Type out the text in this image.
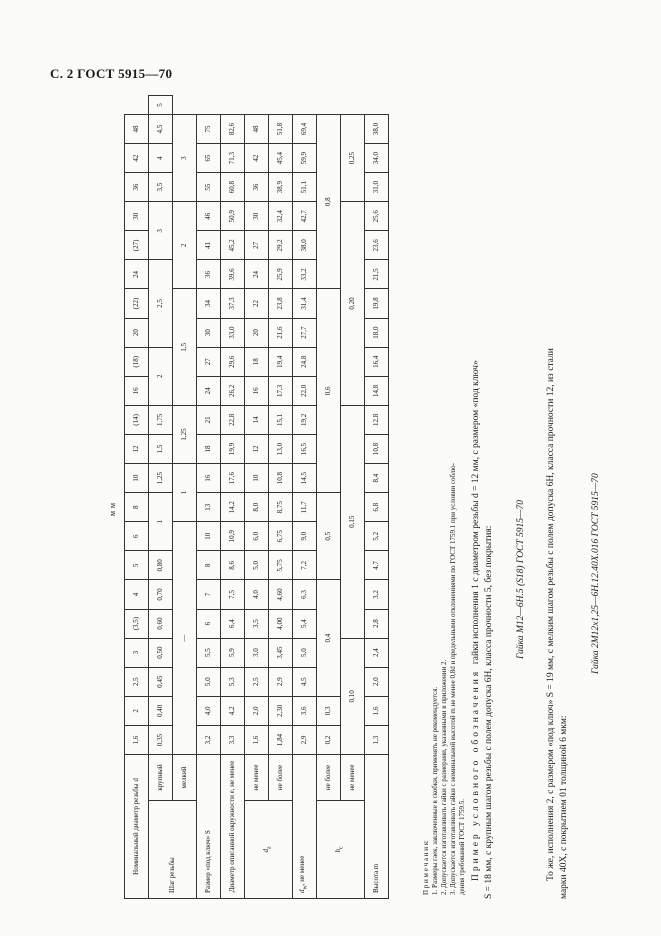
С. 2 ГОСТ 5915—70
мм
Номинальный диаметр резьбы d		1,6	2	2,5	3	(3,5)	4	5	6	8	10	12	(14)	16	(18)	20	(22)	24	(27)	30	36	42	48	
Шаг резьбы	крупный	0,35	0,40	0,45	0,50	0,60	0,70	0,80	1		1,25	1,5	1,75	2		2,5			3		3,5	4	4,5	5
	мелкий	—								1		1,25		1,5				2			3			
Размер «под ключ» S		3,2	4,0	5,0	5,5	6	7	8	10	13	16	18	21	24	27	30	34	36	41	46	55	65	75	
Диаметр описанной окружности е, не менее		3,3	4,2	5,3	5,9	6,4	7,5	8,6	10,9	14,2	17,6	19,9	22,8	26,2	29,6	33,0	37,3	39,6	45,2	50,9	60,8	71,3	82,6	
$d_а$	не менее	1,6	2,0	2,5	3,0	3,5	4,0	5,0	6,0	8,0	10	12	14	16	18	20	22	24	27	30	36	42	48	
	не более	1,84	2,30	2,9	3,45	4,00	4,60	5,75	6,75	8,75	10,8	13,0	15,1	17,3	19,4	21,6	23,8	25,9	29,2	32,4	38,9	45,4	51,8	
$d_w$, не менее		2,9	3,6	4,5	5,0	5,4	6,3	7,2	9,0	11,7	14,5	16,5	19,2	22,0	24,8	27,7	31,4	33,2	38,0	42,7	51,1	59,9	69,4	
$h_с$	не более	0,2	0,3	0,4				0,5			0,6							0,8						
	не менее	0,10				0,15								0,20							0,25			
Высота m		1,3	1,6	2,0	2,4	2,8	3,2	4,7	5,2	6,8	8,4	10,8	12,8	14,8	16,4	18,0	19,8	21,5	23,6	25,6	31,0	34,0	38,0	
П р и м е ч а н и я: 1. Размеры гаек, заключенные в скобки, применять не рекомендуется. 2. Допускается изготавливать гайки с размерами, указанными в приложении 2. 3. Допускается изготавливать гайки с номинальной высотой m не менее 0,8d и предельными отклонениями по ГОСТ 1759.1 при условии соблю- дения требований ГОСТ 1759.5. Пример условного обозначения  гайки исполнения 1 с диаметром резьбы d = 12 мм, с размером «под ключ»
S = 18 мм, с крупным шагом резьбы с полем допуска 6H, класса прочности 5, без покрытия: Гайка М12—6Н.5 (S18) ГОСТ 5915—70 То же, исполнения 2, с размером «под ключ» S = 19 мм, с мелким шагом резьбы с полем допуска 6Н, класса прочности 12, из стали марки 40Х, с покрытием 01 толщиной 6 мкм:
Гайка 2М12х1,25—6Н.12.40Х.016 ГОСТ 5915—70
